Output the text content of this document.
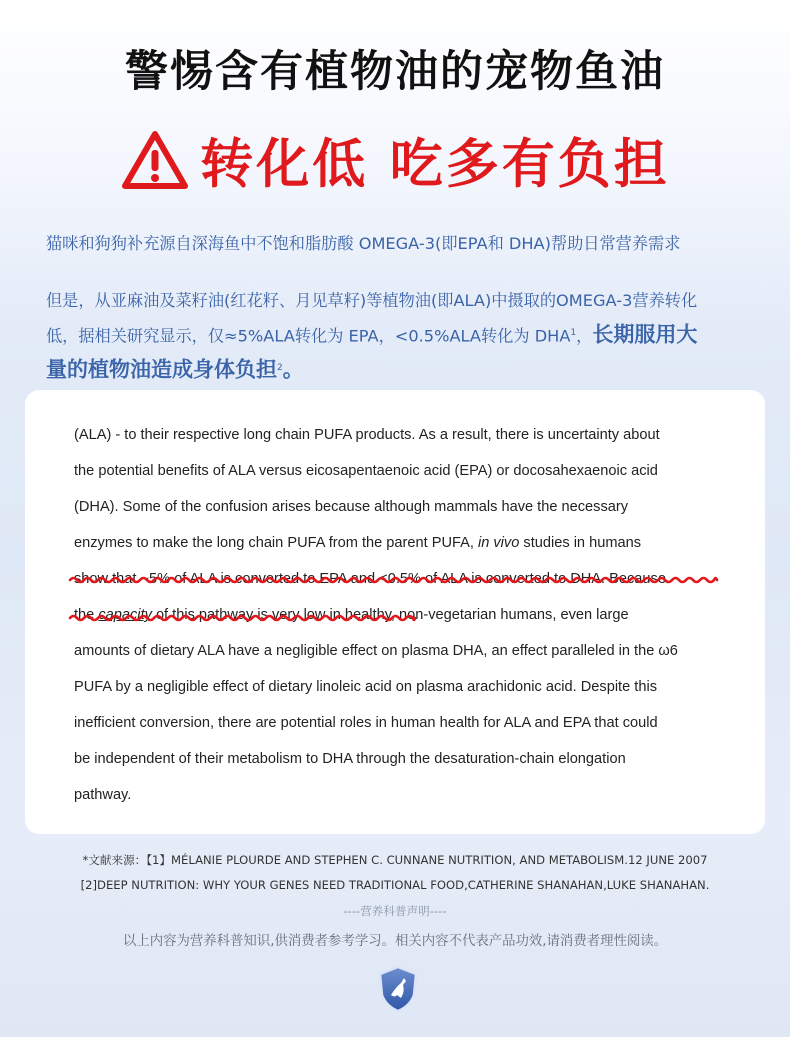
警惕含有植物油的宠物鱼油
转化低 吃多有负担
猫咪和狗狗补充源自深海鱼中不饱和脂肪酸 OMEGA-3(即EPA和 DHA)帮助日常营养需求
但是，从亚麻油及菜籽油(红花籽、月见草籽)等植物油(即ALA)中摄取的OMEGA-3营养转化
低，据相关研究显示，仅≈5%ALA转化为 EPA，<0.5%ALA转化为 DHA$^1$，长期服用大
量的植物油造成身体负担$^2$。
(ALA) - to their respective long chain PUFA products. As a result, there is uncertainty about
the potential benefits of ALA versus eicosapentaenoic acid (EPA) or docosahexaenoic acid
(DHA). Some of the confusion arises because although mammals have the necessary
enzymes to make the long chain PUFA from the parent PUFA, in vivo studies in humans
show that ~5% of ALA is converted to EPA and <0.5% of ALA is converted to DHA. Because
the capacity of this pathway is very low in healthy, non-vegetarian humans, even large
amounts of dietary ALA have a negligible effect on plasma DHA, an effect paralleled in the ω6
PUFA by a negligible effect of dietary linoleic acid on plasma arachidonic acid. Despite this
inefficient conversion, there are potential roles in human health for ALA and EPA that could
be independent of their metabolism to DHA through the desaturation-chain elongation
pathway.
*文献来源：【1】MÉLANIE PLOURDE AND STEPHEN C. CUNNANE NUTRITION, AND METABOLISM.12 JUNE 2007
[2]DEEP NUTRITION: WHY YOUR GENES NEED TRADITIONAL FOOD,CATHERINE SHANAHAN,LUKE SHANAHAN.
----营养科普声明----
以上内容为营养科普知识,供消费者参考学习。相关内容不代表产品功效,请消费者理性阅读。
